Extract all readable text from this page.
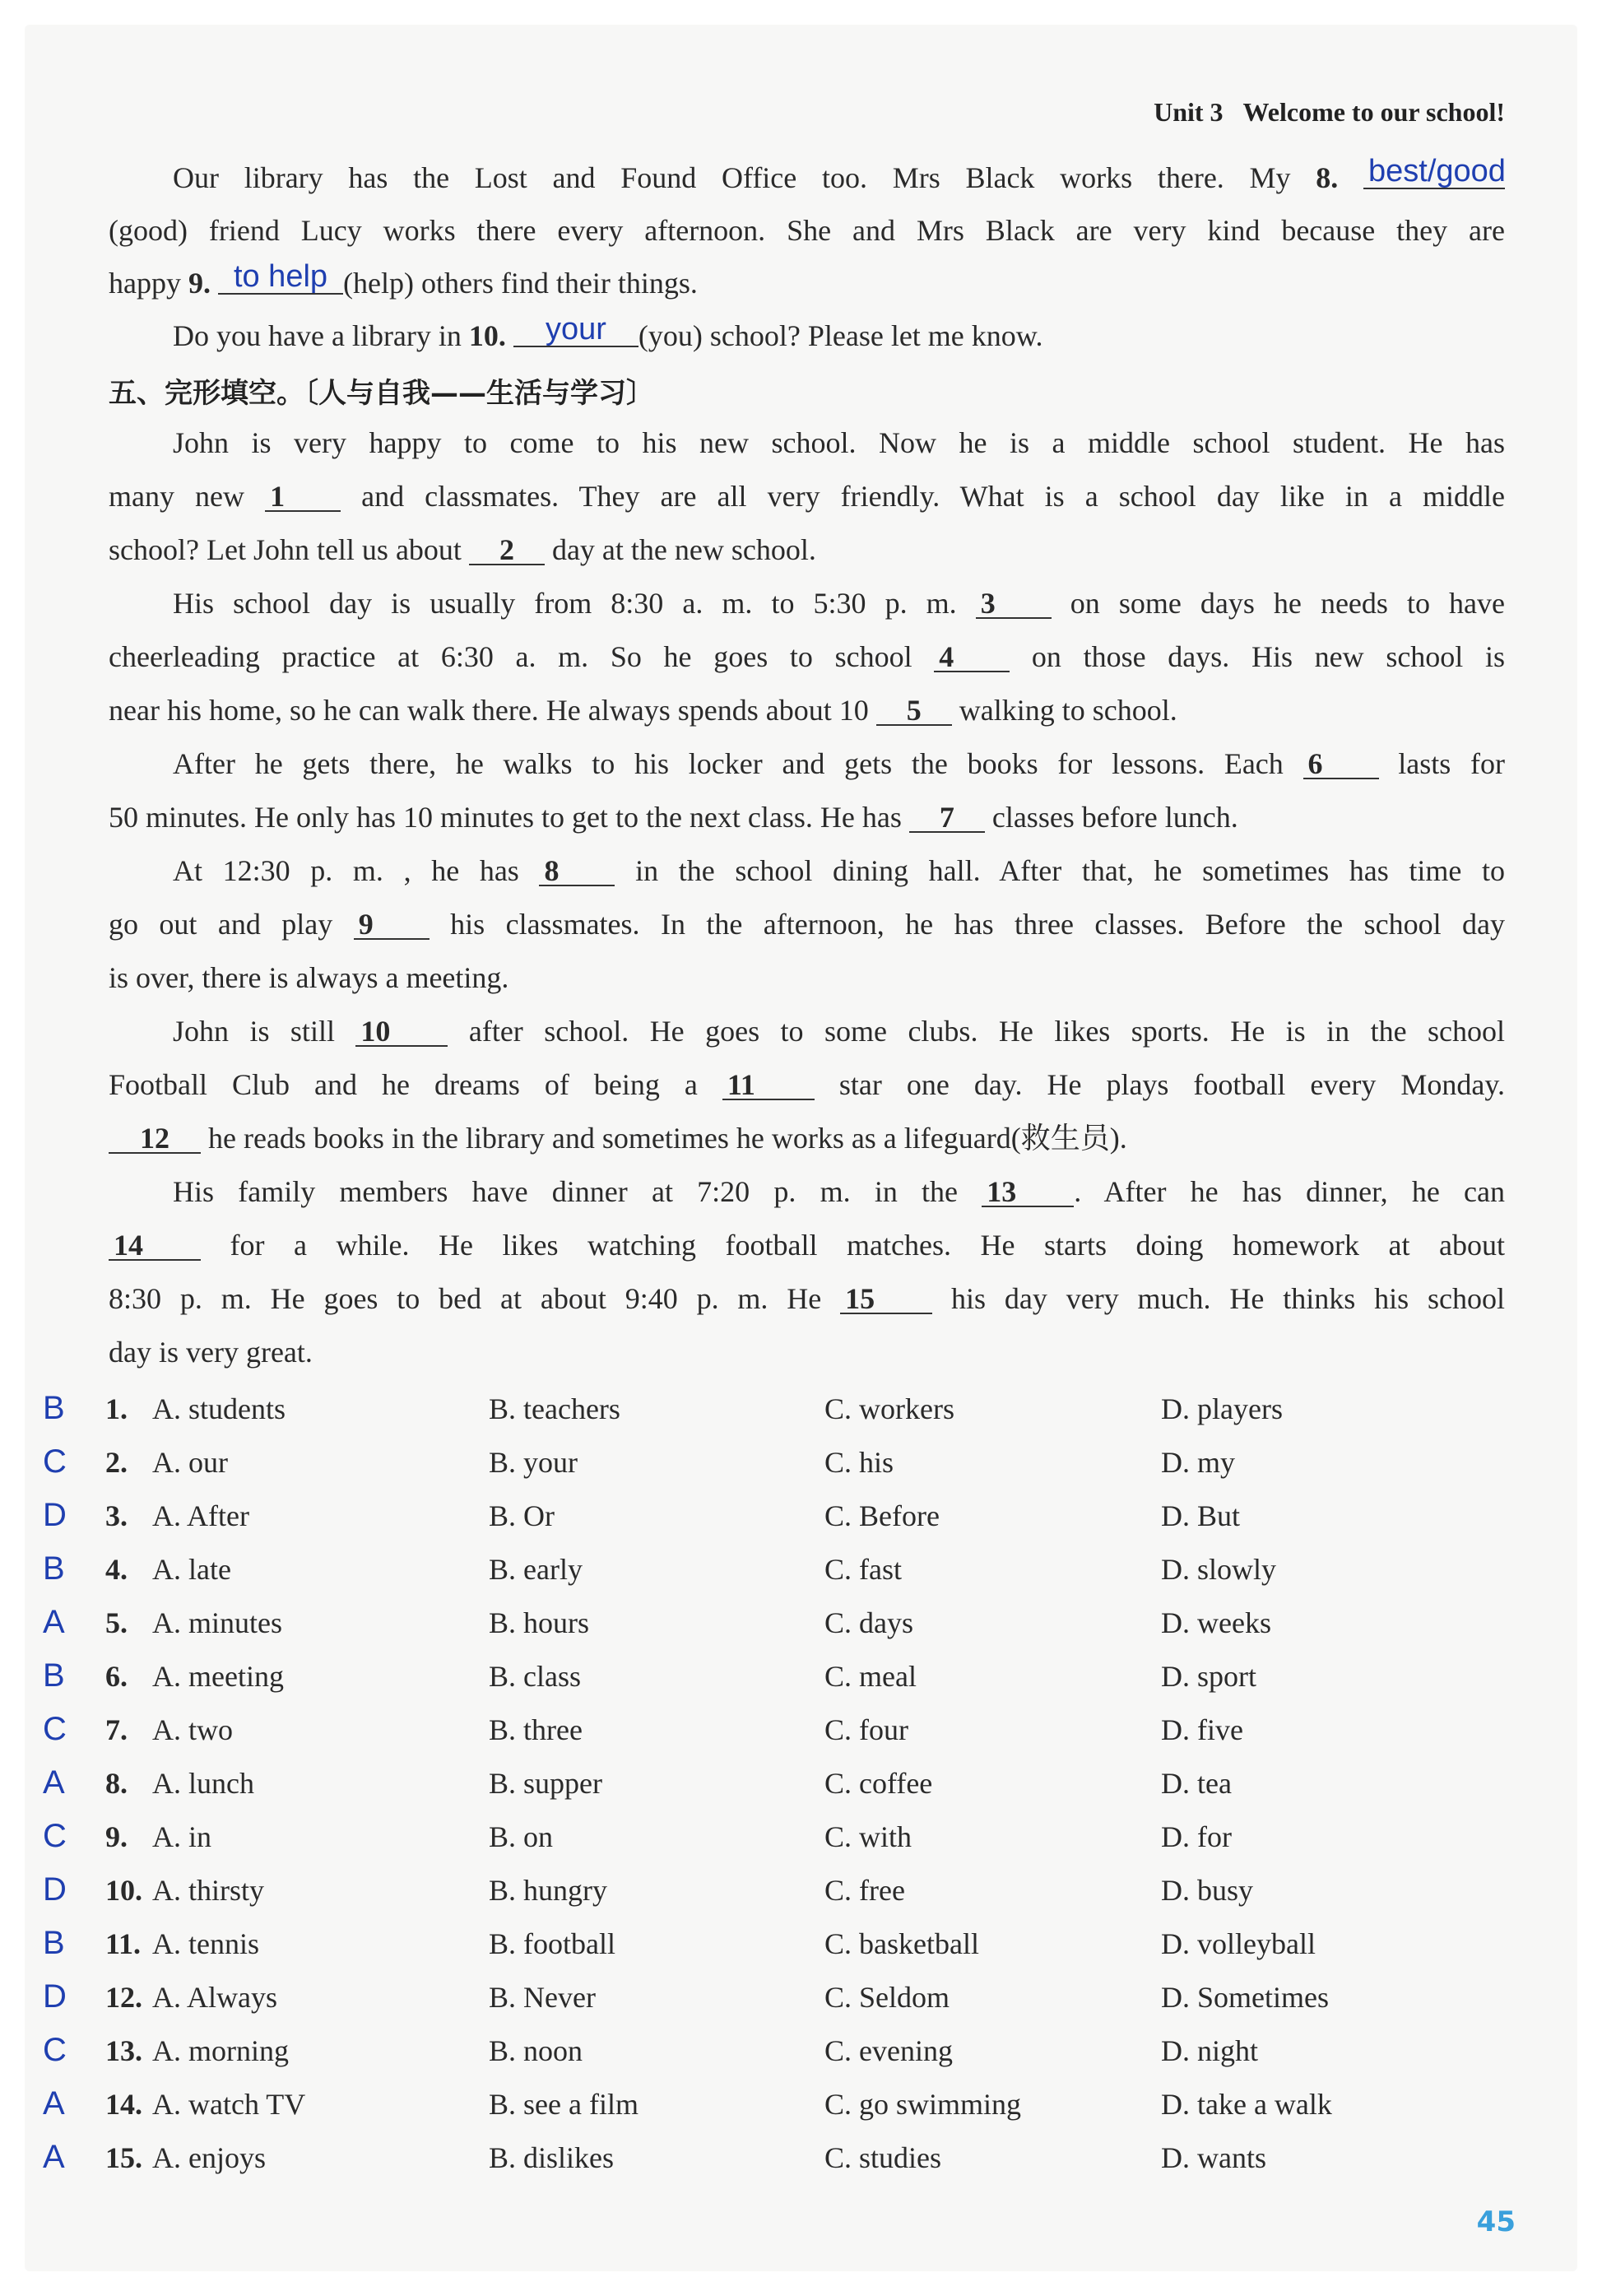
Unit 3 Welcome to our school!
Our library has the Lost and Found Office too. Mrs Black works there. My 8. best/good
(good) friend Lucy works there every afternoon. She and Mrs Black are very kind because they are
happy 9. to help (help) others find their things.
Do you have a library in 10. your (you) school? Please let me know.
五、完形填空。〔人与自我——生活与学习〕
John is very happy to come to his new school. Now he is a middle school student. He has
many new 1 and classmates. They are all very friendly. What is a school day like in a middle
school? Let John tell us about 2 day at the new school.
His school day is usually from 8:30 a. m. to 5:30 p. m. 3 on some days he needs to have
cheerleading practice at 6:30 a. m. So he goes to school 4 on those days. His new school is
near his home, so he can walk there. He always spends about 10 5 walking to school.
After he gets there, he walks to his locker and gets the books for lessons. Each 6 lasts for
50 minutes. He only has 10 minutes to get to the next class. He has 7 classes before lunch.
At 12:30 p. m. , he has 8 in the school dining hall. After that, he sometimes has time to
go out and play 9 his classmates. In the afternoon, he has three classes. Before the school day
is over, there is always a meeting.
John is still 10 after school. He goes to some clubs. He likes sports. He is in the school
Football Club and he dreams of being a 11 star one day. He plays football every Monday.
12 he reads books in the library and sometimes he works as a lifeguard(救生员).
His family members have dinner at 7:20 p. m. in the 13 . After he has dinner, he can
14 for a while. He likes watching football matches. He starts doing homework at about
8:30 p. m. He goes to bed at about 9:40 p. m. He 15 his day very much. He thinks his school
day is very great.
B 1. A. students	B. teachers	C. workers	D. players
C 2. A. our	B. your	C. his	D. my
D 3. A. After	B. Or	C. Before	D. But
B 4. A. late	B. early	C. fast	D. slowly
A 5. A. minutes	B. hours	C. days	D. weeks
B 6. A. meeting	B. class	C. meal	D. sport
C 7. A. two	B. three	C. four	D. five
A 8. A. lunch	B. supper	C. coffee	D. tea
C 9. A. in	B. on	C. with	D. for
D 10. A. thirsty	B. hungry	C. free	D. busy
B 11. A. tennis	B. football	C. basketball	D. volleyball
D 12. A. Always	B. Never	C. Seldom	D. Sometimes
C 13. A. morning	B. noon	C. evening	D. night
A 14. A. watch TV	B. see a film	C. go swimming	D. take a walk
A 15. A. enjoys	B. dislikes	C. studies	D. wants
45
